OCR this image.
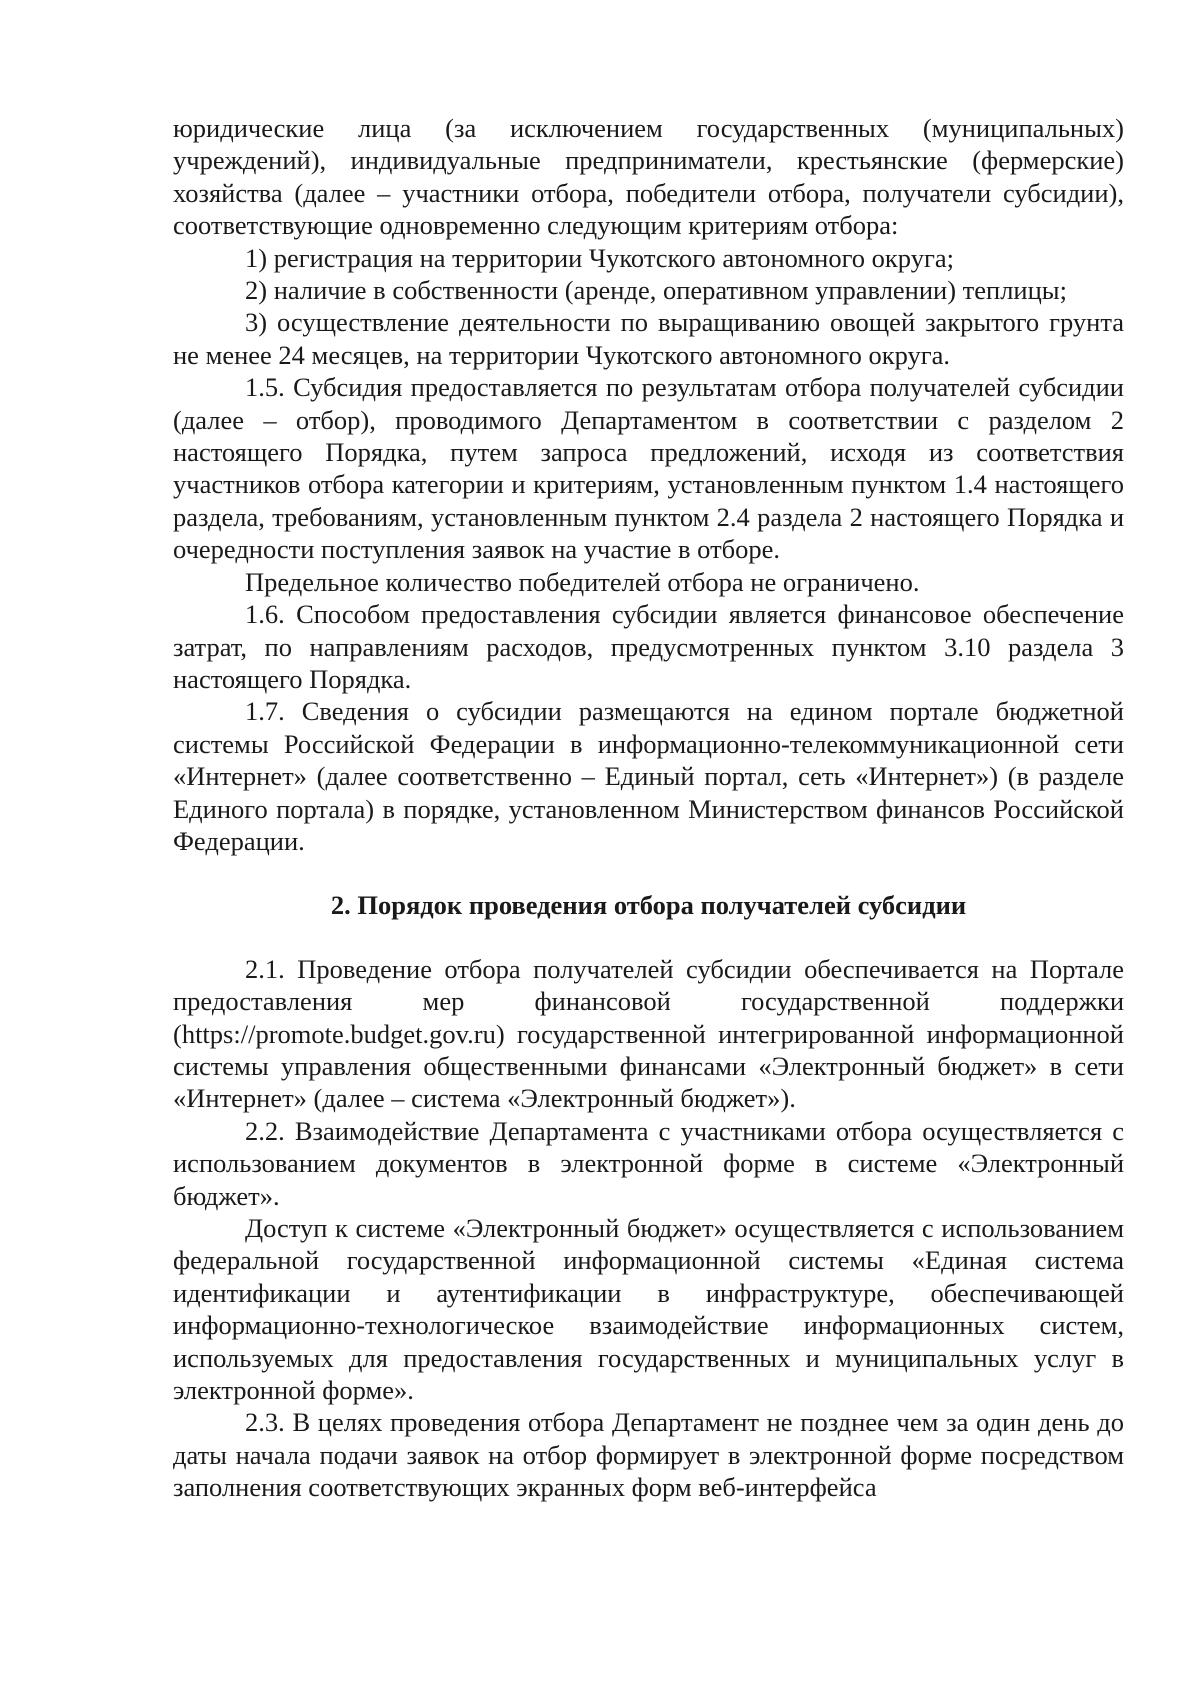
юридические лица (за исключением государственных (муниципальных) учреждений), индивидуальные предприниматели, крестьянские (фермерские) хозяйства (далее – участники отбора, победители отбора, получатели субсидии), соответствующие одновременно следующим критериям отбора:

1) регистрация на территории Чукотского автономного округа;

2) наличие в собственности (аренде, оперативном управлении) теплицы;

3) осуществление деятельности по выращиванию овощей закрытого грунта не менее 24 месяцев, на территории Чукотского автономного округа.

1.5. Субсидия предоставляется по результатам отбора получателей субсидии (далее – отбор), проводимого Департаментом в соответствии с разделом 2 настоящего Порядка, путем запроса предложений, исходя из соответствия участников отбора категории и критериям, установленным пунктом 1.4 настоящего раздела, требованиям, установленным пунктом 2.4 раздела 2 настоящего Порядка и очередности поступления заявок на участие в отборе.

Предельное количество победителей отбора не ограничено.

1.6. Способом предоставления субсидии является финансовое обеспечение затрат, по направлениям расходов, предусмотренных пунктом 3.10 раздела 3 настоящего Порядка.

1.7. Сведения о субсидии размещаются на едином портале бюджетной системы Российской Федерации в информационно-телекоммуникационной сети «Интернет» (далее соответственно – Единый портал, сеть «Интернет») (в разделе Единого портала) в порядке, установленном Министерством финансов Российской Федерации.

2. Порядок проведения отбора получателей субсидии

2.1. Проведение отбора получателей субсидии обеспечивается на Портале предоставления мер финансовой государственной поддержки (https://promote.budget.gov.ru) государственной интегрированной информационной системы управления общественными финансами «Электронный бюджет» в сети «Интернет» (далее – система «Электронный бюджет»).

2.2. Взаимодействие Департамента с участниками отбора осуществляется с использованием документов в электронной форме в системе «Электронный бюджет».

Доступ к системе «Электронный бюджет» осуществляется с использованием федеральной государственной информационной системы «Единая система идентификации и аутентификации в инфраструктуре, обеспечивающей информационно-технологическое взаимодействие информационных систем, используемых для предоставления государственных и муниципальных услуг в электронной форме».

2.3. В целях проведения отбора Департамент не позднее чем за один день до даты начала подачи заявок на отбор формирует в электронной форме посредством заполнения соответствующих экранных форм веб-интерфейса
